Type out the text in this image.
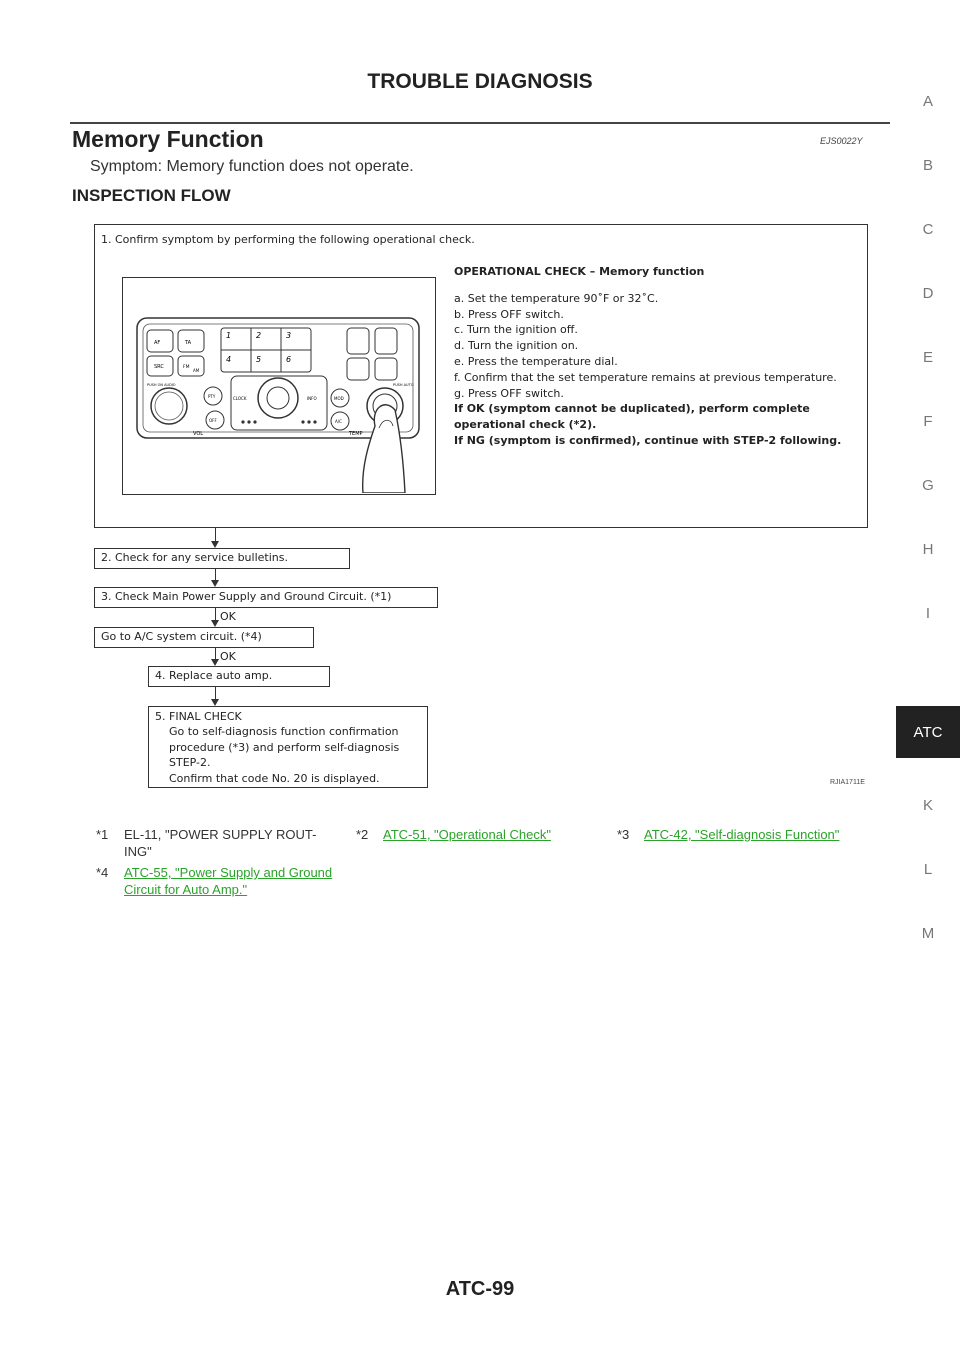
TROUBLE DIAGNOSIS
Memory Function	EJS0022Y
Symptom: Memory function does not operate.
INSPECTION FLOW
A
B
C
D
E
F
G
H
I
ATC
K
L
M
1. Confirm symptom by performing the following operational check.
AF
SRC
TA
FM
AM
1	2	3
4	5	6
PUSH ON AUDIO
PTY	CLOCK	INFO	MOD
OFF	A/C
VOL	TEMP
PUSH AUTO
OPERATIONAL CHECK – Memory function
a. Set the temperature 90˚F or 32˚C.
b. Press OFF switch.
c. Turn the ignition off.
d. Turn the ignition on.
e. Press the temperature dial.
f. Confirm that the set temperature remains at previous temperature.
g. Press OFF switch.
If OK (symptom cannot be duplicated), perform complete operational check (*2).
If NG (symptom is confirmed), continue with STEP-2 following.
2. Check for any service bulletins.
3. Check Main Power Supply and Ground Circuit. (*1)
OK
Go to A/C system circuit. (*4)
OK
4. Replace auto amp.
5. FINAL CHECK
Go to self-diagnosis function confirmation
procedure (*3) and perform self-diagnosis
STEP-2.
Confirm that code No. 20 is displayed.	RJIA1711E
*1 EL-11, "POWER SUPPLY ROUT-ING"
*2 ATC-51, "Operational Check"	*3 ATC-42, "Self-diagnosis Function"
*4 ATC-55, "Power Supply and Ground Circuit for Auto Amp."
ATC-99
